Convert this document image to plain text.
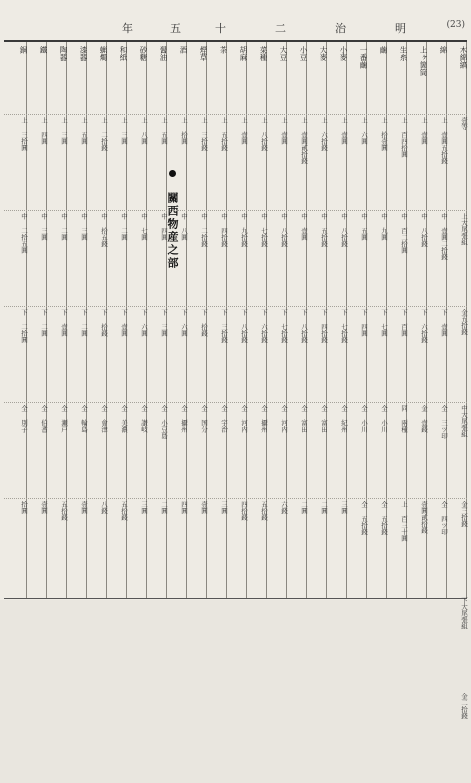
明
治
二
十
五
年	(23)
關西物産之部
木綿縞
壹等
上大尾張組
金五拾錢
中大尾張組
金三拾錢
下大尾張組
金二拾錢
綿
上 壹圓五拾錢
中 壹圓二拾錢
下 壹圓
全 三ツ印
全 四ツ印
上ヶ箇筒
上 壹圓
中 八拾錢
下 六拾錢
金 壹錢
壹圓貳拾錢
生糸
上 百四拾圓
中 百二拾圓
下 百圓
同 兩種
上 百三十圓
繭
上 拾壹圓
中 九圓
下 七圓
全 小川
全 五拾錢
一番繭
上 六圓
中 五圓
下 四圓
全 小川
全 五拾錢
小麥
上 壹圓
中 八拾錢
下 七拾錢
全 紀州
三圓
大麥
上 六拾錢
中 五拾錢
下 四拾錢
全 富田
二圓
小豆
上 壹圓貳拾錢
中 壹圓
下 八拾錢
全 富田
二圓
大豆
上 壹圓
中 八拾錢
下 七拾錢
全 河内
六錢
菜種
上 八拾錢
中 七拾錢
下 六拾錢
全 攝州
五拾錢
胡麻
上 壹圓
中 九拾錢
下 八拾錢
全 河内
四拾錢
茶
上 五拾錢
中 四拾錢
下 三拾錢
全 宇治
三圓
煙草
上 三拾錢
中 二拾錢
下 拾錢
全 国分
壹圓
酒
上 拾圓
中 八圓
下 六圓
全 攝州
四圓
醤油
上 五圓
中 四圓
下 三圓
全 小豆島
二圓
砂糖
上 八圓
中 七圓
下 六圓
全 讃岐
三圓
和紙
上 三圓
中 二圓
下 壹圓
全 美濃
五拾錢
蝋燭
上 二拾錢
中 拾五錢
下 拾錢
全 會津
八錢
漆器
上 五圓
中 三圓
下 二圓
全 輪島
壹圓
陶器
上 三圓
中 二圓
下 壹圓
全 瀬戸
五拾錢
鐵
上 四圓
中 三圓
下 二圓
全 伯耆
壹圓
銅
上 三拾圓
中 二拾五圓
下 二拾圓
全 別子
拾圓
